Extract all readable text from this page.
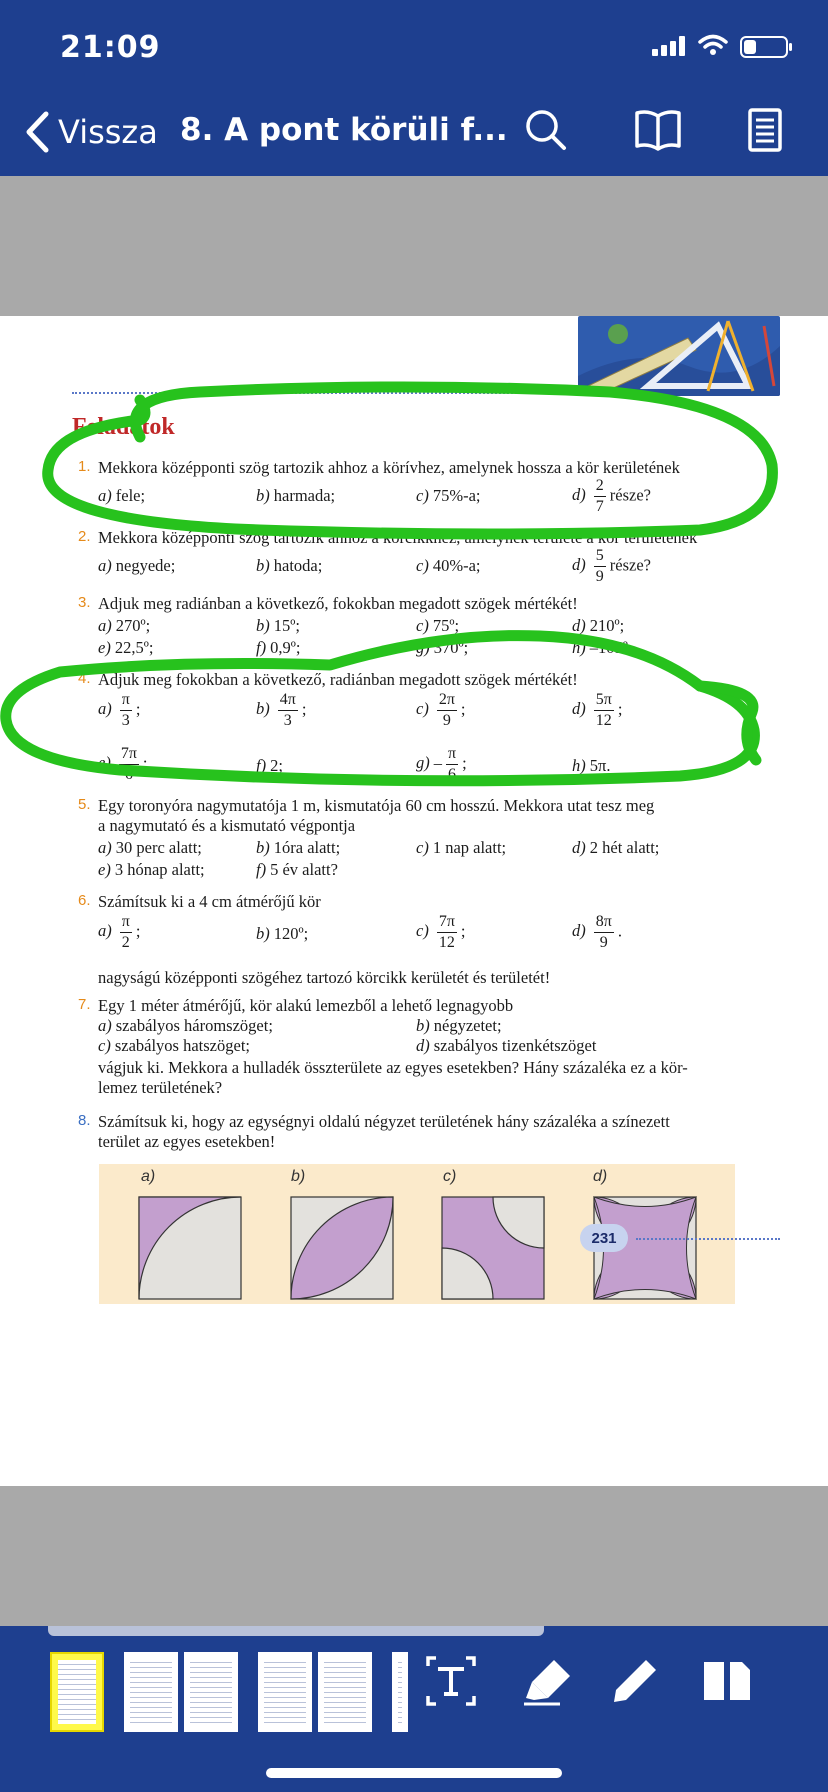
21:09
Vissza 8. A pont körüli f...
Feladatok
1. Mekkora középponti szög tartozik ahhoz a körívhez, amelynek hossza a kör kerületének
a) fele;	b) harmada;	c) 75%-a;	$d) \frac{2}{7}$ része?
2. Mekkora középponti szög tartozik ahhoz a körcikkhez, amelynek területe a kör területének
a) negyede;	b) hatoda;	c) 40%-a;	$d) \frac{5}{9}$ része?
3. Adjuk meg radiánban a következő, fokokban megadott szögek mértékét!
a) 270º;	b) 15º;	c) 75º;	d) 210º;
e) 22,5º;	f) 0,9º;	g) 370º;	h) –105º
4. Adjuk meg fokokban a következő, radiánban megadott szögek mértékét!
$a) \frac{\pi}{3}$ ;	$b) \frac{4\pi}{3}$ ;	$c) \frac{2\pi}{9}$ ;	$d) \frac{5\pi}{12}$ ;
$e) \frac{7\pi}{6}$ ;	f) 2;	$g) - \frac{\pi}{6}$ ;	h) 5π.
5. Egy toronyóra nagymutatója 1 m, kismutatója 60 cm hosszú. Mekkora utat tesz meg
a nagymutató és a kismutató végpontja
a) 30 perc alatt;	b) 1óra alatt;	c) 1 nap alatt;	d) 2 hét alatt;
e) 3 hónap alatt;	f) 5 év alatt?
6. Számítsuk ki a 4 cm átmérőjű kör
$a) \frac{\pi}{2}$ ;	b) 120º;	$c) \frac{7\pi}{12}$ ;	$d) \frac{8\pi}{9}$ .
nagyságú középponti szögéhez tartozó körcikk kerületét és területét!
7. Egy 1 méter átmérőjű, kör alakú lemezből a lehető legnagyobb
a) szabályos háromszöget;	b) négyzetet;
c) szabályos hatszöget;	d) szabályos tizenkétszöget
vágjuk ki. Mekkora a hulladék összterülete az egyes esetekben? Hány százaléka ez a kör-
lemez területének?
8. Számítsuk ki, hogy az egységnyi oldalú négyzet területének hány százaléka a színezett
terület az egyes esetekben!
a)	b)	c)	d)
231
